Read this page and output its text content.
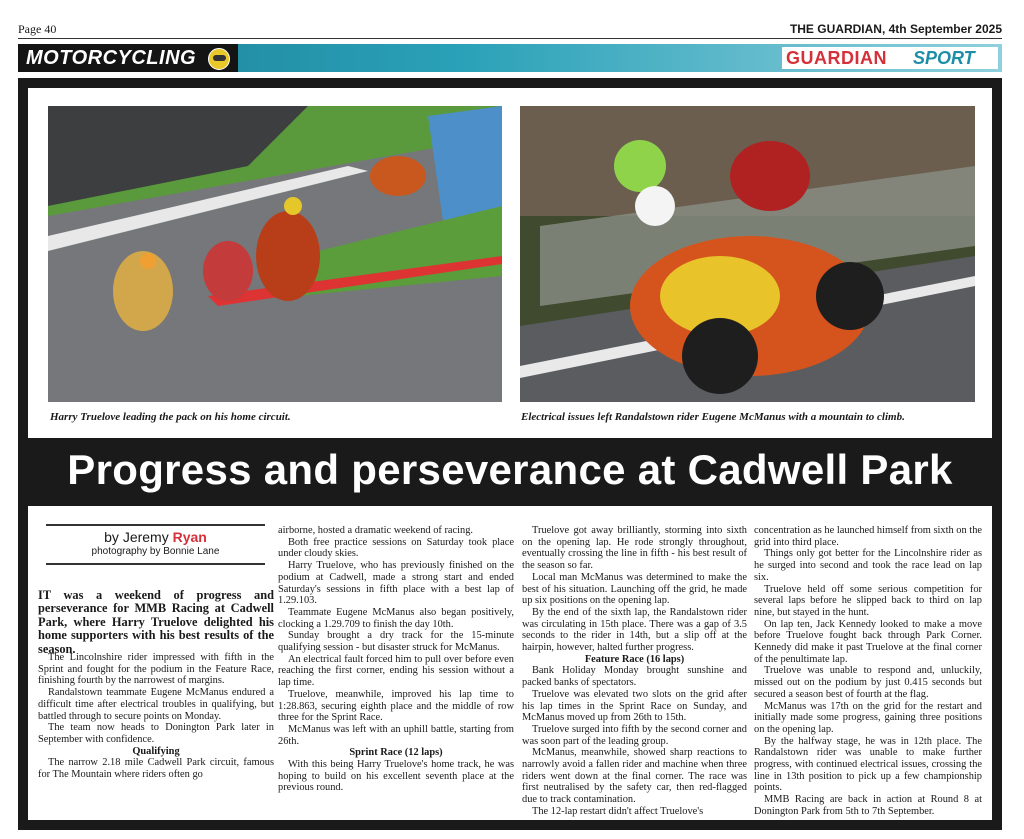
Page 40	THE GUARDIAN, 4th September 2025
MOTORCYCLING	GUARDIAN SPORT
Harry Truelove leading the pack on his home circuit.	Electrical issues left Randalstown rider Eugene McManus with a mountain to climb.
Progress and perseverance at Cadwell Park
by Jeremy Ryan
photography by Bonnie Lane
IT was a weekend of progress and perseverance for MMB Racing at Cadwell Park, where Harry Truelove delighted his home supporters with his best results of the season.

The Lincolnshire rider impressed with fifth in the Sprint and fought for the podium in the Feature Race, finishing fourth by the narrowest of margins.

Randalstown teammate Eugene McManus endured a difficult time after electrical troubles in qualifying, but battled through to secure points on Monday.

The team now heads to Donington Park later in September with confidence.

Qualifying

The narrow 2.18 mile Cadwell Park circuit, famous for The Mountain where riders often go

airborne, hosted a dramatic weekend of racing.

Both free practice sessions on Saturday took place under cloudy skies.

Harry Truelove, who has previously finished on the podium at Cadwell, made a strong start and ended Saturday's sessions in fifth place with a best lap of 1.29.103.

Teammate Eugene McManus also began positively, clocking a 1.29.709 to finish the day 10th.

Sunday brought a dry track for the 15-minute qualifying session - but disaster struck for McManus.

An electrical fault forced him to pull over before even reaching the first corner, ending his session without a lap time.

Truelove, meanwhile, improved his lap time to 1:28.863, securing eighth place and the middle of row three for the Sprint Race.

McManus was left with an uphill battle, starting from 26th.

Sprint Race (12 laps)

With this being Harry Truelove's home track, he was hoping to build on his excellent seventh place at the previous round.

Truelove got away brilliantly, storming into sixth on the opening lap. He rode strongly throughout, eventually crossing the line in fifth - his best result of the season so far.

Local man McManus was determined to make the best of his situation. Launching off the grid, he made up six positions on the opening lap.

By the end of the sixth lap, the Randalstown rider was circulating in 15th place. There was a gap of 3.5 seconds to the rider in 14th, but a slip off at the hairpin, however, halted further progress.

Feature Race (16 laps)

Bank Holiday Monday brought sunshine and packed banks of spectators.

Truelove was elevated two slots on the grid after his lap times in the Sprint Race on Sunday, and McManus moved up from 26th to 15th.

Truelove surged into fifth by the second corner and was soon part of the leading group.

McManus, meanwhile, showed sharp reactions to narrowly avoid a fallen rider and machine when three riders went down at the final corner. The race was first neutralised by the safety car, then red-flagged due to track contamination.

The 12-lap restart didn't affect Truelove's

concentration as he launched himself from sixth on the grid into third place.

Things only got better for the Lincolnshire rider as he surged into second and took the race lead on lap six.

Truelove held off some serious competition for several laps before he slipped back to third on lap nine, but stayed in the hunt.

On lap ten, Jack Kennedy looked to make a move before Truelove fought back through Park Corner. Kennedy did make it past Truelove at the final corner of the penultimate lap.

Truelove was unable to respond and, unluckily, missed out on the podium by just 0.415 seconds but secured a season best of fourth at the flag.

McManus was 17th on the grid for the restart and initially made some progress, gaining three positions on the opening lap.

By the halfway stage, he was in 12th place. The Randalstown rider was unable to make further progress, with continued electrical issues, crossing the line in 13th position to pick up a few championship points.

MMB Racing are back in action at Round 8 at Donington Park from 5th to 7th September.
